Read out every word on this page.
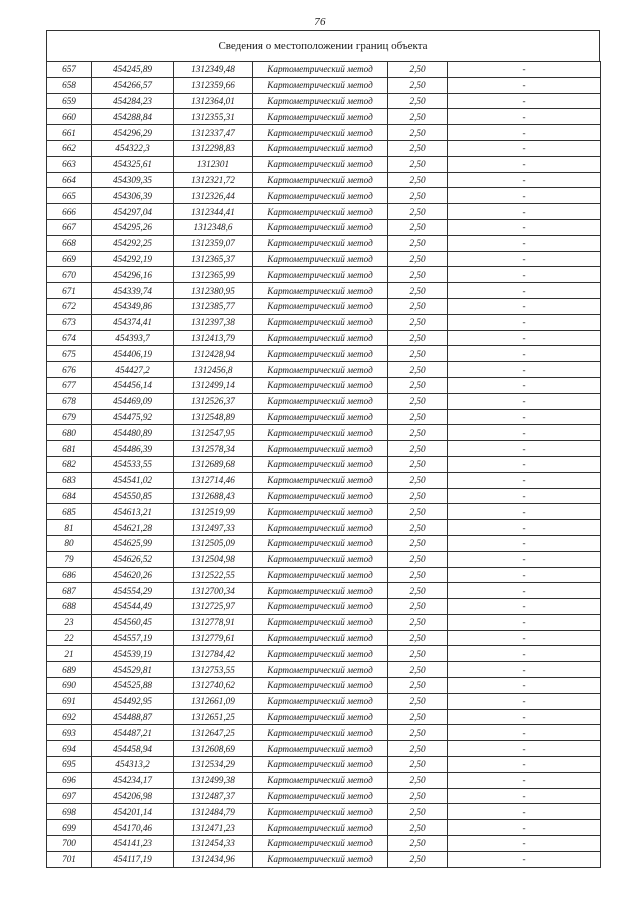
76
Сведения о местоположении границ объекта
657	454245,89	1312349,48	Картометрический метод	2,50	-
658	454266,57	1312359,66	Картометрический метод	2,50	-
659	454284,23	1312364,01	Картометрический метод	2,50	-
660	454288,84	1312355,31	Картометрический метод	2,50	-
661	454296,29	1312337,47	Картометрический метод	2,50	-
662	454322,3	1312298,83	Картометрический метод	2,50	-
663	454325,61	1312301	Картометрический метод	2,50	-
664	454309,35	1312321,72	Картометрический метод	2,50	-
665	454306,39	1312326,44	Картометрический метод	2,50	-
666	454297,04	1312344,41	Картометрический метод	2,50	-
667	454295,26	1312348,6	Картометрический метод	2,50	-
668	454292,25	1312359,07	Картометрический метод	2,50	-
669	454292,19	1312365,37	Картометрический метод	2,50	-
670	454296,16	1312365,99	Картометрический метод	2,50	-
671	454339,74	1312380,95	Картометрический метод	2,50	-
672	454349,86	1312385,77	Картометрический метод	2,50	-
673	454374,41	1312397,38	Картометрический метод	2,50	-
674	454393,7	1312413,79	Картометрический метод	2,50	-
675	454406,19	1312428,94	Картометрический метод	2,50	-
676	454427,2	1312456,8	Картометрический метод	2,50	-
677	454456,14	1312499,14	Картометрический метод	2,50	-
678	454469,09	1312526,37	Картометрический метод	2,50	-
679	454475,92	1312548,89	Картометрический метод	2,50	-
680	454480,89	1312547,95	Картометрический метод	2,50	-
681	454486,39	1312578,34	Картометрический метод	2,50	-
682	454533,55	1312689,68	Картометрический метод	2,50	-
683	454541,02	1312714,46	Картометрический метод	2,50	-
684	454550,85	1312688,43	Картометрический метод	2,50	-
685	454613,21	1312519,99	Картометрический метод	2,50	-
81	454621,28	1312497,33	Картометрический метод	2,50	-
80	454625,99	1312505,09	Картометрический метод	2,50	-
79	454626,52	1312504,98	Картометрический метод	2,50	-
686	454620,26	1312522,55	Картометрический метод	2,50	-
687	454554,29	1312700,34	Картометрический метод	2,50	-
688	454544,49	1312725,97	Картометрический метод	2,50	-
23	454560,45	1312778,91	Картометрический метод	2,50	-
22	454557,19	1312779,61	Картометрический метод	2,50	-
21	454539,19	1312784,42	Картометрический метод	2,50	-
689	454529,81	1312753,55	Картометрический метод	2,50	-
690	454525,88	1312740,62	Картометрический метод	2,50	-
691	454492,95	1312661,09	Картометрический метод	2,50	-
692	454488,87	1312651,25	Картометрический метод	2,50	-
693	454487,21	1312647,25	Картометрический метод	2,50	-
694	454458,94	1312608,69	Картометрический метод	2,50	-
695	454313,2	1312534,29	Картометрический метод	2,50	-
696	454234,17	1312499,38	Картометрический метод	2,50	-
697	454206,98	1312487,37	Картометрический метод	2,50	-
698	454201,14	1312484,79	Картометрический метод	2,50	-
699	454170,46	1312471,23	Картометрический метод	2,50	-
700	454141,23	1312454,33	Картометрический метод	2,50	-
701	454117,19	1312434,96	Картометрический метод	2,50	-
